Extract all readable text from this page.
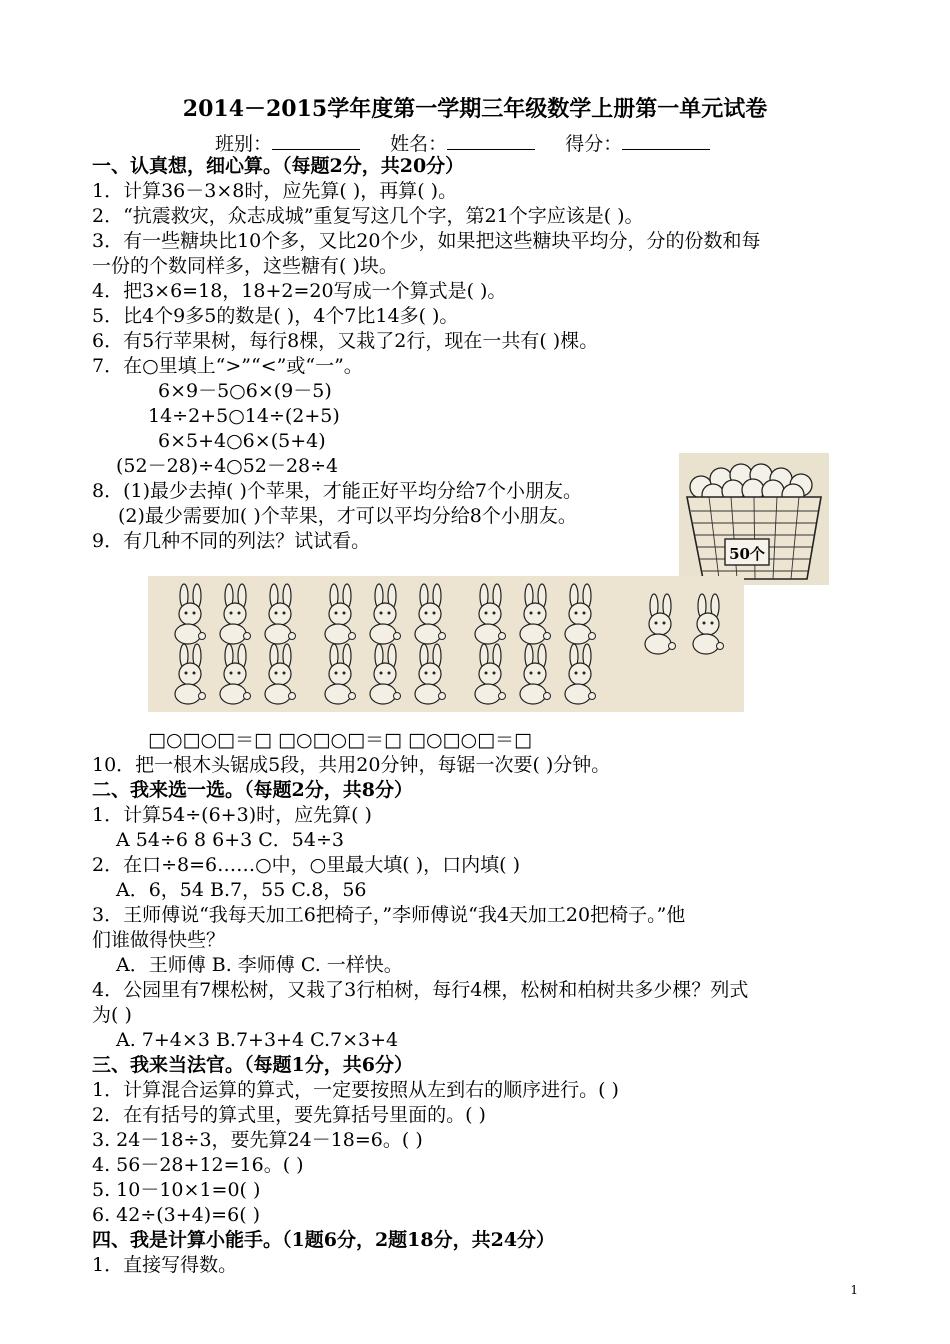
2014－2015学年度第一学期三年级数学上册第一单元试卷
班别：	姓名：	得分：
一、认真想，细心算。（每题2分，共20分）
1．计算36－3×8时，应先算( )，再算( )。
2．“抗震救灾，众志成城”重复写这几个字，第21个字应该是( )。
3．有一些糖块比10个多，又比20个少，如果把这些糖块平均分，分的份数和每
一份的个数同样多，这些糖有( )块。
4．把3×6=18，18+2=20写成一个算式是( )。
5．比4个9多5的数是( )，4个7比14多( )。
6．有5行苹果树，每行8棵，又栽了2行，现在一共有( )棵。
7．在○里填上“>”“<”或“一”。
6×9－5○6×(9－5)
14÷2+5○14÷(2+5)
6×5+4○6×(5+4)
(52－28)÷4○52－28÷4
8．(1)最少去掉( )个苹果，才能正好平均分给7个小朋友。
(2)最少需要加( )个苹果，才可以平均分给8个小朋友。
9．有几种不同的列法？试试看。
50个
□○□○□＝□ □○□○□＝□ □○□○□＝□
10．把一根木头锯成5段，共用20分钟，每锯一次要( )分钟。
二、我来选一选。（每题2分，共8分）
1．计算54÷(6+3)时，应先算( )
A 54÷6 8 6+3 C．54÷3
2．在口÷8=6……○中，○里最大填( )，口内填( )
A．6，54 B.7，55 C.8，56
3．王师傅说“我每天加工6把椅子，”李师傅说“我4天加工20把椅子。”他
们谁做得快些？
A．王师傅 B. 李师傅 C. 一样快。
4．公园里有7棵松树，又栽了3行柏树，每行4棵，松树和柏树共多少棵？列式
为( )
A. 7+4×3 B.7+3+4 C.7×3+4
三、我来当法官。（每题1分，共6分）
1．计算混合运算的算式，一定要按照从左到右的顺序进行。( )
2．在有括号的算式里，要先算括号里面的。( )
3. 24－18÷3，要先算24－18=6。( )
4. 56－28+12=16。( )
5. 10－10×1=0( )
6. 42÷(3+4)=6( )
四、我是计算小能手。（1题6分，2题18分，共24分）
1．直接写得数。
1
